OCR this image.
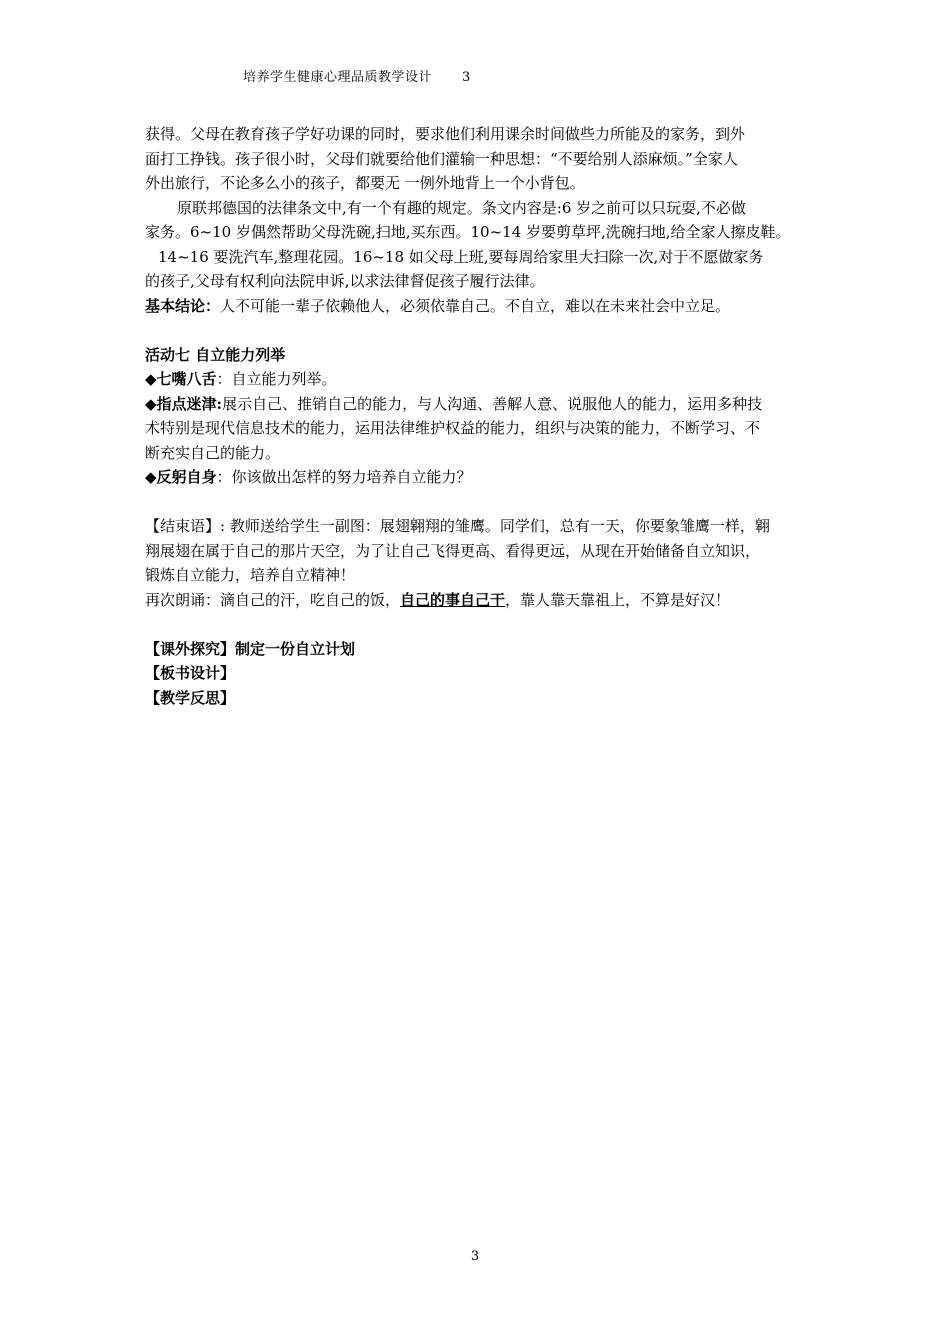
培养学生健康心理品质教学设计 3
获得。父母在教育孩子学好功课的同时，要求他们利用课余时间做些力所能及的家务，到外
面打工挣钱。孩子很小时，父母们就要给他们灌输一种思想：“不要给别人添麻烦。”全家人
外出旅行，不论多么小的孩子，都要无 一例外地背上一个小背包。
原联邦德国的法律条文中,有一个有趣的规定。条文内容是:6 岁之前可以只玩耍,不必做
家务。6~10 岁偶然帮助父母洗碗,扫地,买东西。10~14 岁要剪草坪,洗碗扫地,给全家人擦皮鞋。
14~16 要洗汽车,整理花园。16~18 如父母上班,要每周给家里大扫除一次,对于不愿做家务
的孩子,父母有权利向法院申诉,以求法律督促孩子履行法律。
基本结论：人不可能一辈子依赖他人，必须依靠自己。不自立，难以在未来社会中立足。
活动七 自立能力列举
◆七嘴八舌：自立能力列举。
◆指点迷津:展示自己、推销自己的能力，与人沟通、善解人意、说服他人的能力，运用多种技
术特别是现代信息技术的能力，运用法律维护权益的能力，组织与决策的能力，不断学习、不
断充实自己的能力。
◆反躬自身：你该做出怎样的努力培养自立能力？
【结束语】: 教师送给学生一副图：展翅翱翔的雏鹰。同学们，总有一天，你要象雏鹰一样，翱
翔展翅在属于自己的那片天空，为了让自己飞得更高、看得更远，从现在开始储备自立知识，
锻炼自立能力，培养自立精神！
再次朗诵：滴自己的汗，吃自己的饭，自己的事自己干，靠人靠天靠祖上，不算是好汉！
【课外探究】制定一份自立计划
【板书设计】
【教学反思】
3
